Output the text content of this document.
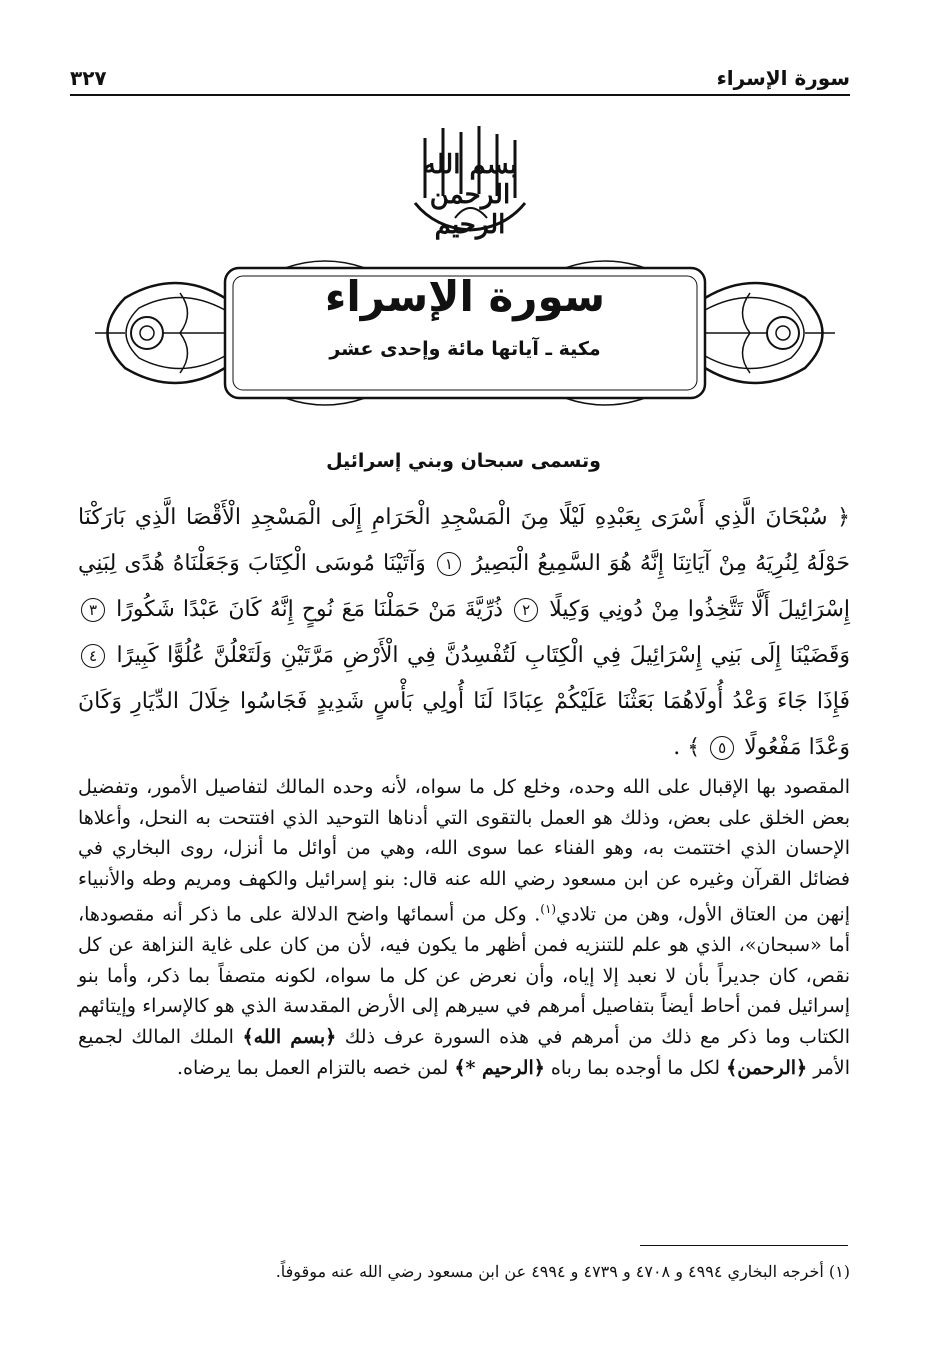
سورة الإسراء
٣٢٧
بسم الله الرحمن الرحيم
سورة الإسراء
مكية ـ آياتها مائة وإحدى عشر
وتسمى سبحان وبني إسرائيل
﴿ سُبْحَانَ الَّذِي أَسْرَى بِعَبْدِهِ لَيْلًا مِنَ الْمَسْجِدِ الْحَرَامِ إِلَى الْمَسْجِدِ الْأَقْصَا الَّذِي بَارَكْنَا حَوْلَهُ لِنُرِيَهُ مِنْ آيَاتِنَا إِنَّهُ هُوَ السَّمِيعُ الْبَصِيرُ ١ وَآتَيْنَا مُوسَى الْكِتَابَ وَجَعَلْنَاهُ هُدًى لِبَنِي إِسْرَائِيلَ أَلَّا تَتَّخِذُوا مِنْ دُونِي وَكِيلًا ٢ ذُرِّيَّةَ مَنْ حَمَلْنَا مَعَ نُوحٍ إِنَّهُ كَانَ عَبْدًا شَكُورًا ٣ وَقَضَيْنَا إِلَى بَنِي إِسْرَائِيلَ فِي الْكِتَابِ لَتُفْسِدُنَّ فِي الْأَرْضِ مَرَّتَيْنِ وَلَتَعْلُنَّ عُلُوًّا كَبِيرًا ٤ فَإِذَا جَاءَ وَعْدُ أُولَاهُمَا بَعَثْنَا عَلَيْكُمْ عِبَادًا لَنَا أُولِي بَأْسٍ شَدِيدٍ فَجَاسُوا خِلَالَ الدِّيَارِ وَكَانَ وَعْدًا مَفْعُولًا ٥ ﴾ .

المقصود بها الإقبال على الله وحده، وخلع كل ما سواه، لأنه وحده المالك لتفاصيل الأمور، وتفضيل بعض الخلق على بعض، وذلك هو العمل بالتقوى التي أدناها التوحيد الذي افتتحت به النحل، وأعلاها الإحسان الذي اختتمت به، وهو الفناء عما سوى الله، وهي من أوائل ما أنزل، روى البخاري في فضائل القرآن وغيره عن ابن مسعود رضي الله عنه قال: بنو إسرائيل والكهف ومريم وطه والأنبياء إنهن من العتاق الأول، وهن من تلادي$^{(١)}$. وكل من أسمائها واضح الدلالة على ما ذكر أنه مقصودها، أما «سبحان»، الذي هو علم للتنزيه فمن أظهر ما يكون فيه، لأن من كان على غاية النزاهة عن كل نقص، كان جديراً بأن لا نعبد إلا إياه، وأن نعرض عن كل ما سواه، لكونه متصفاً بما ذكر، وأما بنو إسرائيل فمن أحاط أيضاً بتفاصيل أمرهم في سيرهم إلى الأرض المقدسة الذي هو كالإسراء وإيتائهم الكتاب وما ذكر مع ذلك من أمرهم في هذه السورة عرف ذلك ﴿بسم الله﴾ الملك المالك لجميع الأمر ﴿الرحمن﴾ لكل ما أوجده بما رباه ﴿الرحيم *﴾ لمن خصه بالتزام العمل بما يرضاه.

(١) أخرجه البخاري ٤٩٩٤ و ٤٧٠٨ و ٤٧٣٩ و ٤٩٩٤ عن ابن مسعود رضي الله عنه موقوفاً.
